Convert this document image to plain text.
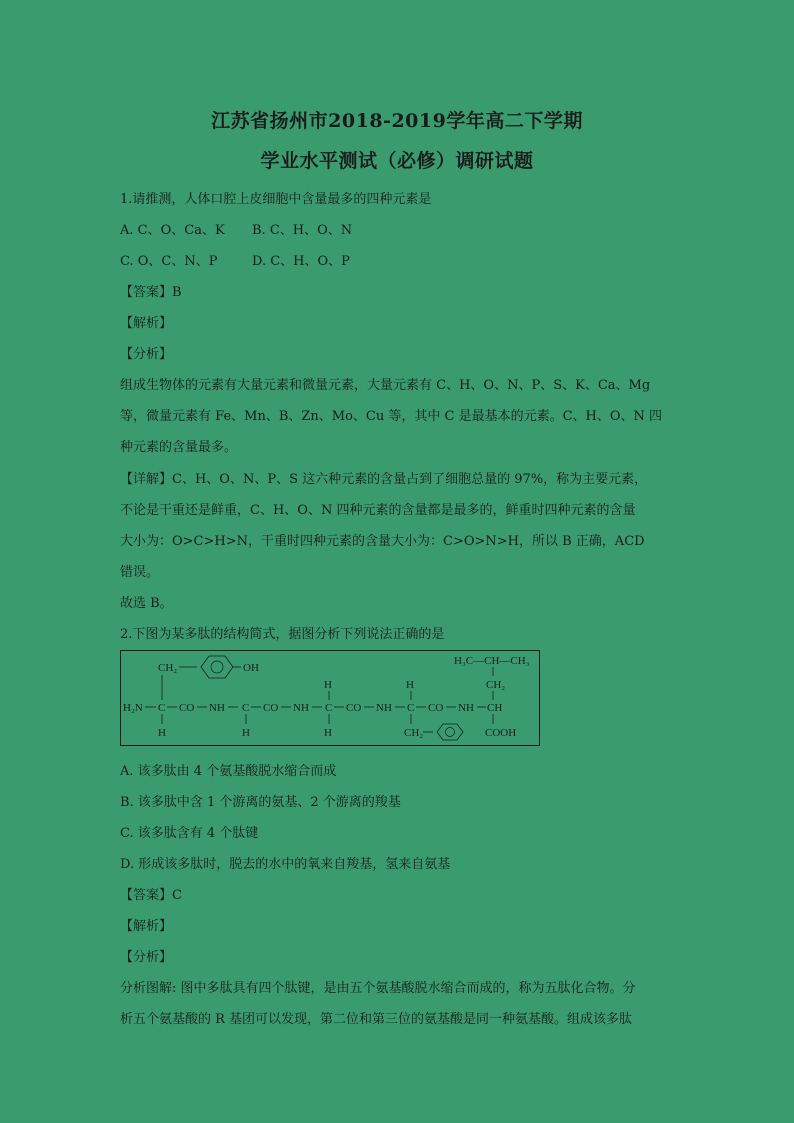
江苏省扬州市2018-2019学年高二下学期
学业水平测试（必修）调研试题
1.请推测，人体口腔上皮细胞中含量最多的四种元素是
A. C、O、Ca、K B. C、H、O、N
C. O、C、N、P	D. C、H、O、P
【答案】B
【解析】
【分析】
组成生物体的元素有大量元素和微量元素，大量元素有 C、H、O、N、P、S、K、Ca、Mg
等，微量元素有 Fe、Mn、B、Zn、Mo、Cu 等，其中 C 是最基本的元素。C、H、O、N 四
种元素的含量最多。
【详解】C、H、O、N、P、S 这六种元素的含量占到了细胞总量的 97%，称为主要元素，
不论是干重还是鲜重，C、H、O、N 四种元素的含量都是最多的，鲜重时四种元素的含量
大小为：O>C>H>N，干重时四种元素的含量大小为：C>O>N>H，所以 B 正确，ACD
错误。
故选 B。
2.下图为某多肽的结构简式，据图分析下列说法正确的是
CH₂	OH
H	H
H₃C—CH—CH₃
CH₂
H₂N C CO NH C CO NH C CO NH C CO NH CH
H	H	H	CH₂	COOH
A. 该多肽由 4 个氨基酸脱水缩合而成
B. 该多肽中含 1 个游离的氨基、2 个游离的羧基
C. 该多肽含有 4 个肽键
D. 形成该多肽时，脱去的水中的氧来自羧基，氢来自氨基
【答案】C
【解析】
【分析】
分析图解: 图中多肽具有四个肽键，是由五个氨基酸脱水缩合而成的，称为五肽化合物。分
析五个氨基酸的 R 基团可以发现，第二位和第三位的氨基酸是同一种氨基酸。组成该多肽
